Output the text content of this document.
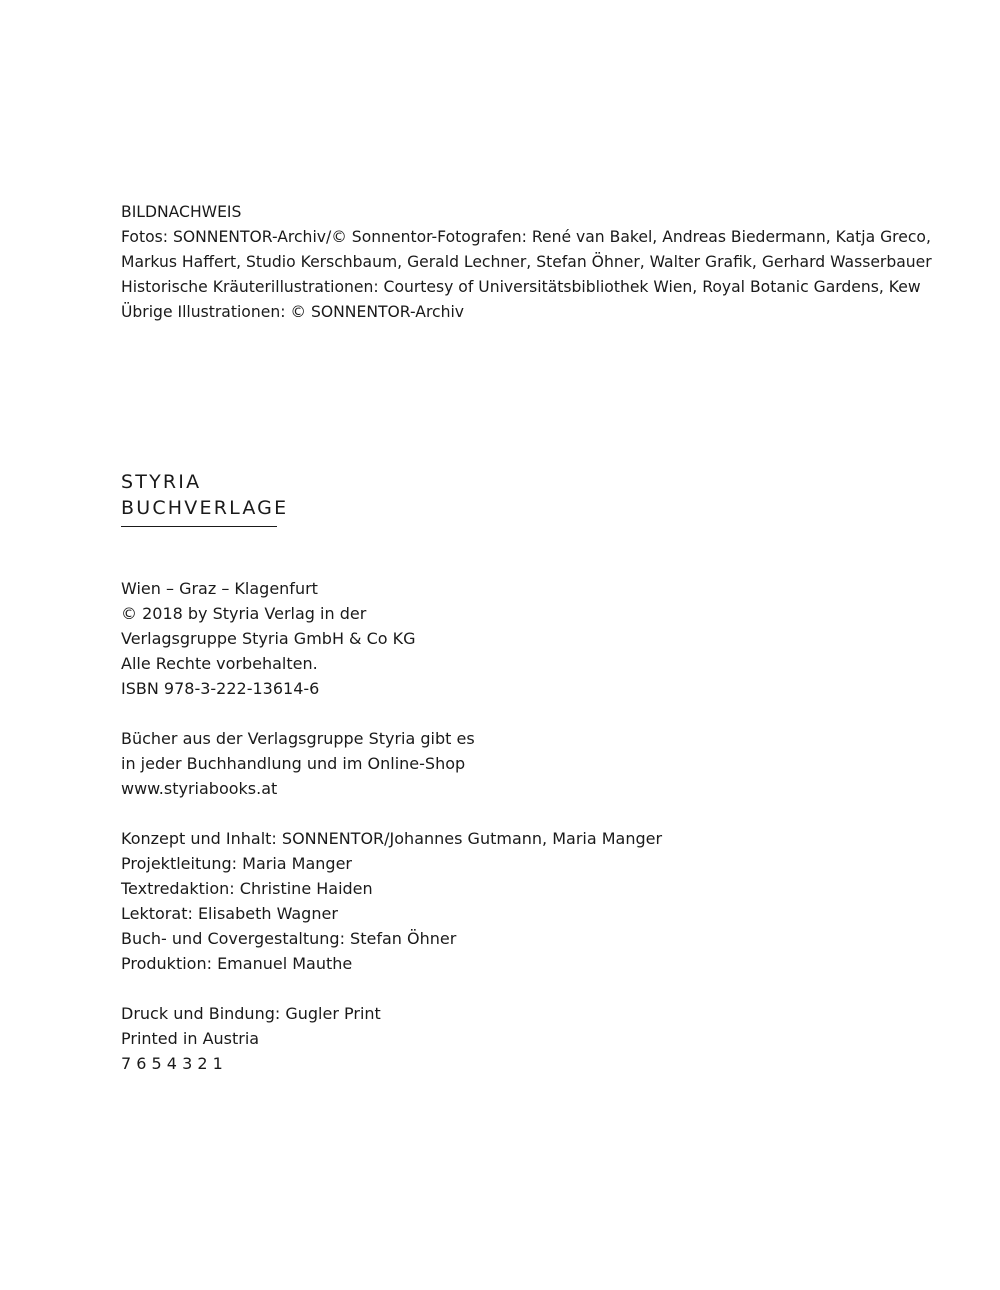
BILDNACHWEIS
Fotos: SONNENTOR-Archiv/© Sonnentor-Fotografen: René van Bakel, Andreas Biedermann, Katja Greco,
Markus Haffert, Studio Kerschbaum, Gerald Lechner, Stefan Öhner, Walter Grafik, Gerhard Wasserbauer
Historische Kräuterillustrationen: Courtesy of Universitätsbibliothek Wien, Royal Botanic Gardens, Kew
Übrige Illustrationen: © SONNENTOR-Archiv
STYRIA
BUCHVERLAGE
Wien – Graz – Klagenfurt
© 2018 by Styria Verlag in der
Verlagsgruppe Styria GmbH & Co KG
Alle Rechte vorbehalten.
ISBN 978-3-222-13614-6
Bücher aus der Verlagsgruppe Styria gibt es
in jeder Buchhandlung und im Online-Shop
www.styriabooks.at
Konzept und Inhalt: SONNENTOR/Johannes Gutmann, Maria Manger
Projektleitung: Maria Manger
Textredaktion: Christine Haiden
Lektorat: Elisabeth Wagner
Buch- und Covergestaltung: Stefan Öhner
Produktion: Emanuel Mauthe
Druck und Bindung: Gugler Print
Printed in Austria
7 6 5 4 3 2 1
